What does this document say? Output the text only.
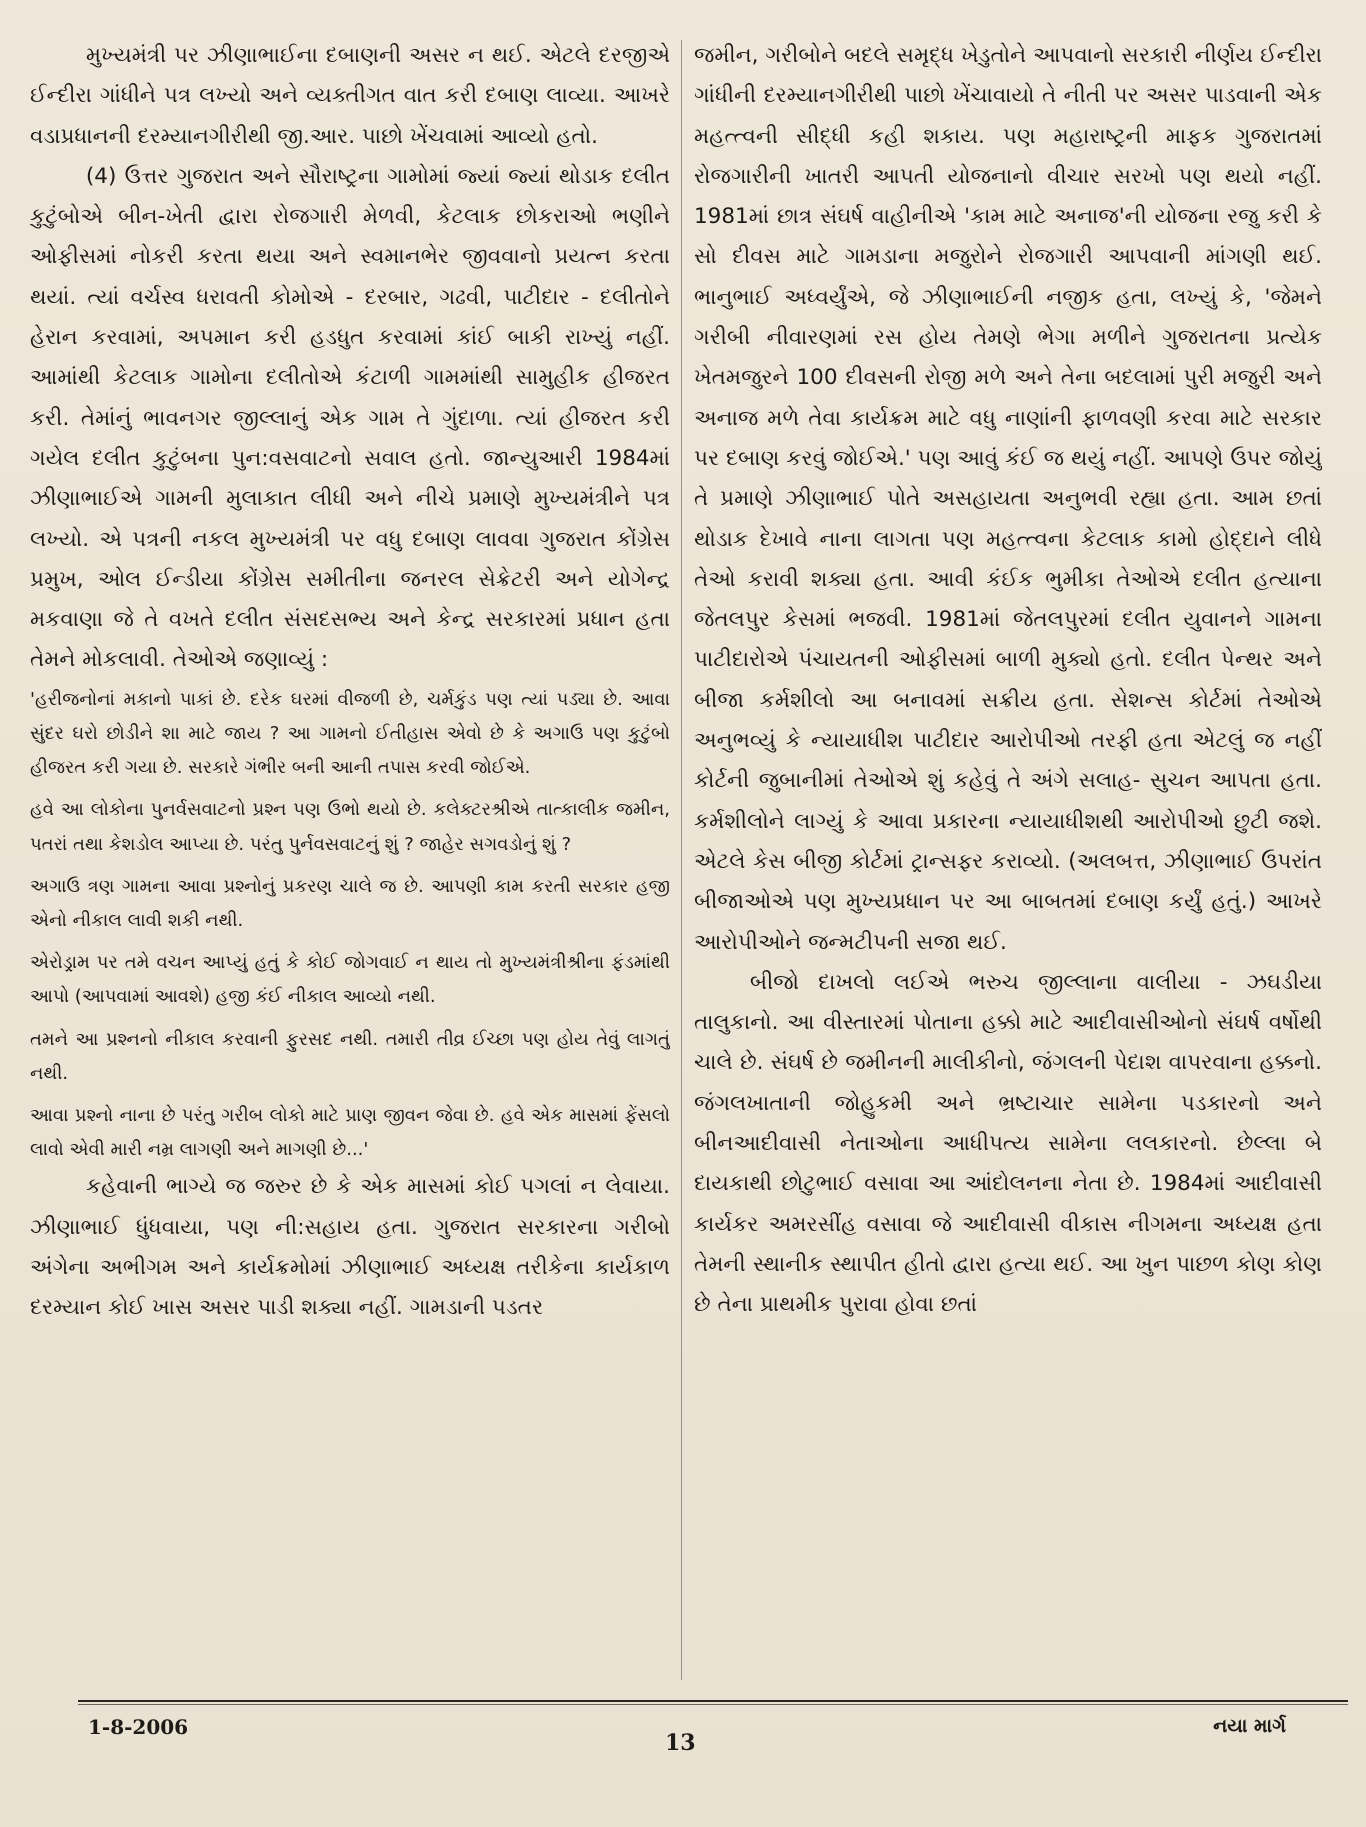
મુખ્યમંત્રી પર ઝીણાભાઈના દબાણની અસર ન થઈ. એટલે દરજીએ ઈન્દીરા ગાંધીને પત્ર લખ્યો અને વ્યક્તીગત વાત કરી દબાણ લાવ્યા. આખરે વડાપ્રધાનની દરમ્યાનગીરીથી જી.આર. પાછો ખેંચવામાં આવ્યો હતો.

(4) ઉત્તર ગુજરાત અને સૌરાષ્ટ્રના ગામોમાં જ્યાં જ્યાં થોડાક દલીત કુટુંબોએ બીન-ખેતી દ્વારા રોજગારી મેળવી, કેટલાક છોકરાઓ ભણીને ઓફીસમાં નોકરી કરતા થયા અને સ્વમાનભેર જીવવાનો પ્રયત્ન કરતા થયાં. ત્યાં વર્ચસ્વ ધરાવતી કોમોએ - દરબાર, ગઢવી, પાટીદાર - દલીતોને હેરાન કરવામાં, અપમાન કરી હડધુત કરવામાં કાંઈ બાકી રાખ્યું નહીં. આમાંથી કેટલાક ગામોના દલીતોએ કંટાળી ગામમાંથી સામુહીક હીજરત કરી. તેમાંનું ભાવનગર જીલ્લાનું એક ગામ તે ગુંદાળા. ત્યાં હીજરત કરી ગયેલ દલીત કુટુંબના પુન:વસવાટનો સવાલ હતો. જાન્યુઆરી 1984માં ઝીણાભાઈએ ગામની મુલાકાત લીધી અને નીચે પ્રમાણે મુખ્યમંત્રીને પત્ર લખ્યો. એ પત્રની નકલ મુખ્યમંત્રી પર વધુ દબાણ લાવવા ગુજરાત કોંગ્રેસ પ્રમુખ, ઓલ ઈન્ડીયા કોંગ્રેસ સમીતીના જનરલ સેક્રેટરી અને યોગેન્દ્ર મકવાણા જે તે વખતે દલીત સંસદસભ્ય અને કેન્દ્ર સરકારમાં પ્રધાન હતા તેમને મોકલાવી. તેઓએ જણાવ્યું :

'હરીજનોનાં મકાનો પાકાં છે. દરેક ઘરમાં વીજળી છે, ચર્મકુંડ પણ ત્યાં પડ્યા છે. આવા સુંદર ઘરો છોડીને શા માટે જાય ? આ ગામનો ઈતીહાસ એવો છે કે અગાઉ પણ કુટુંબો હીજરત કરી ગયા છે. સરકારે ગંભીર બની આની તપાસ કરવી જોઈએ.

હવે આ લોકોના પુનર્વસવાટનો પ્રશ્ન પણ ઉભો થયો છે. કલેક્ટરશ્રીએ તાત્કાલીક જમીન, પતરાં તથા કેશડોલ આપ્યા છે. પરંતુ પુર્નવસવાટનું શું ? જાહેર સગવડોનું શું ?

અગાઉ ત્રણ ગામના આવા પ્રશ્નોનું પ્રકરણ ચાલે જ છે. આપણી કામ કરતી સરકાર હજી એનો નીકાલ લાવી શકી નથી.

એરોડ્રામ પર તમે વચન આપ્યું હતું કે કોઈ જોગવાઈ ન થાય તો મુખ્યમંત્રીશ્રીના ફંડમાંથી આપો (આપવામાં આવશે) હજી કંઈ નીકાલ આવ્યો નથી.

તમને આ પ્રશ્નનો નીકાલ કરવાની ફુરસદ નથી. તમારી તીવ્ર ઈચ્છા પણ હોય તેવું લાગતું નથી.

આવા પ્રશ્નો નાના છે પરંતુ ગરીબ લોકો માટે પ્રાણ જીવન જેવા છે. હવે એક માસમાં ફેંસલો લાવો એવી મારી નમ્ર લાગણી અને માગણી છે...'

કહેવાની ભાગ્યે જ જરુર છે કે એક માસમાં કોઈ પગલાં ન લેવાયા. ઝીણાભાઈ ધુંધવાયા, પણ ની:સહાય હતા. ગુજરાત સરકારના ગરીબો અંગેના અભીગમ અને કાર્યક્રમોમાં ઝીણાભાઈ અધ્યક્ષ તરીકેના કાર્યકાળ દરમ્યાન કોઈ ખાસ અસર પાડી શક્યા નહીં. ગામડાની પડતર

જમીન, ગરીબોને બદલે સમૃદ્ધ ખેડુતોને આપવાનો સરકારી નીર્ણય ઈન્દીરા ગાંધીની દરમ્યાનગીરીથી પાછો ખેંચાવાયો તે નીતી પર અસર પાડવાની એક મહત્ત્વની સીદ્ધી કહી શકાય. પણ મહારાષ્ટ્રની માફક ગુજરાતમાં રોજગારીની ખાતરી આપતી યોજનાનો વીચાર સરખો પણ થયો નહીં. 1981માં છાત્ર સંઘર્ષ વાહીનીએ 'કામ માટે અનાજ'ની યોજના રજુ કરી કે સો દીવસ માટે ગામડાના મજુરોને રોજગારી આપવાની માંગણી થઈ. ભાનુભાઈ અધ્વર્યુંએ, જે ઝીણાભાઈની નજીક હતા, લખ્યું કે, 'જેમને ગરીબી નીવારણમાં રસ હોય તેમણે ભેગા મળીને ગુજરાતના પ્રત્યેક ખેતમજુરને 100 દીવસની રોજી મળે અને તેના બદલામાં પુરી મજુરી અને અનાજ મળે તેવા કાર્યક્રમ માટે વધુ નાણાંની ફાળવણી કરવા માટે સરકાર પર દબાણ કરવું જોઈએ.' પણ આવું કંઈ જ થયું નહીં. આપણે ઉપર જોયું તે પ્રમાણે ઝીણાભાઈ પોતે અસહાયતા અનુભવી રહ્યા હતા. આમ છતાં થોડાક દેખાવે નાના લાગતા પણ મહત્ત્વના કેટલાક કામો હોદ્દાને લીધે તેઓ કરાવી શક્યા હતા. આવી કંઈક ભુમીકા તેઓએ દલીત હત્યાના જેતલપુર કેસમાં ભજવી. 1981માં જેતલપુરમાં દલીત યુવાનને ગામના પાટીદારોએ પંચાયતની ઓફીસમાં બાળી મુક્યો હતો. દલીત પેન્થર અને બીજા કર્મશીલો આ બનાવમાં સક્રીય હતા. સેશન્સ કોર્ટમાં તેઓએ અનુભવ્યું કે ન્યાયાધીશ પાટીદાર આરોપીઓ તરફી હતા એટલું જ નહીં કોર્ટની જુબાનીમાં તેઓએ શું કહેવું તે અંગે સલાહ- સુચન આપતા હતા. કર્મશીલોને લાગ્યું કે આવા પ્રકારના ન્યાયાધીશથી આરોપીઓ છુટી જશે. એટલે કેસ બીજી કોર્ટમાં ટ્રાન્સફર કરાવ્યો. (અલબત્ત, ઝીણાભાઈ ઉપરાંત બીજાઓએ પણ મુખ્યપ્રધાન પર આ બાબતમાં દબાણ કર્યું હતું.) આખરે આરોપીઓને જન્મટીપની સજા થઈ.

બીજો દાખલો લઈએ ભરુચ જીલ્લાના વાલીયા - ઝઘડીયા તાલુકાનો. આ વીસ્તારમાં પોતાના હક્કો માટે આદીવાસીઓનો સંઘર્ષ વર્ષોથી ચાલે છે. સંઘર્ષ છે જમીનની માલીકીનો, જંગલની પેદાશ વાપરવાના હક્કનો. જંગલખાતાની જોહુકમી અને ભ્રષ્ટાચાર સામેના પડકારનો અને બીનઆદીવાસી નેતાઓના આધીપત્ય સામેના લલકારનો. છેલ્લા બે દાયકાથી છોટુભાઈ વસાવા આ આંદોલનના નેતા છે. 1984માં આદીવાસી કાર્યકર અમરસીંહ વસાવા જે આદીવાસી વીકાસ નીગમના અધ્યક્ષ હતા તેમની સ્થાનીક સ્થાપીત હીતો દ્વારા હત્યા થઈ. આ ખુન પાછળ કોણ કોણ છે તેના પ્રાથમીક પુરાવા હોવા છતાં

1-8-2006
13
નયા માર્ગ
